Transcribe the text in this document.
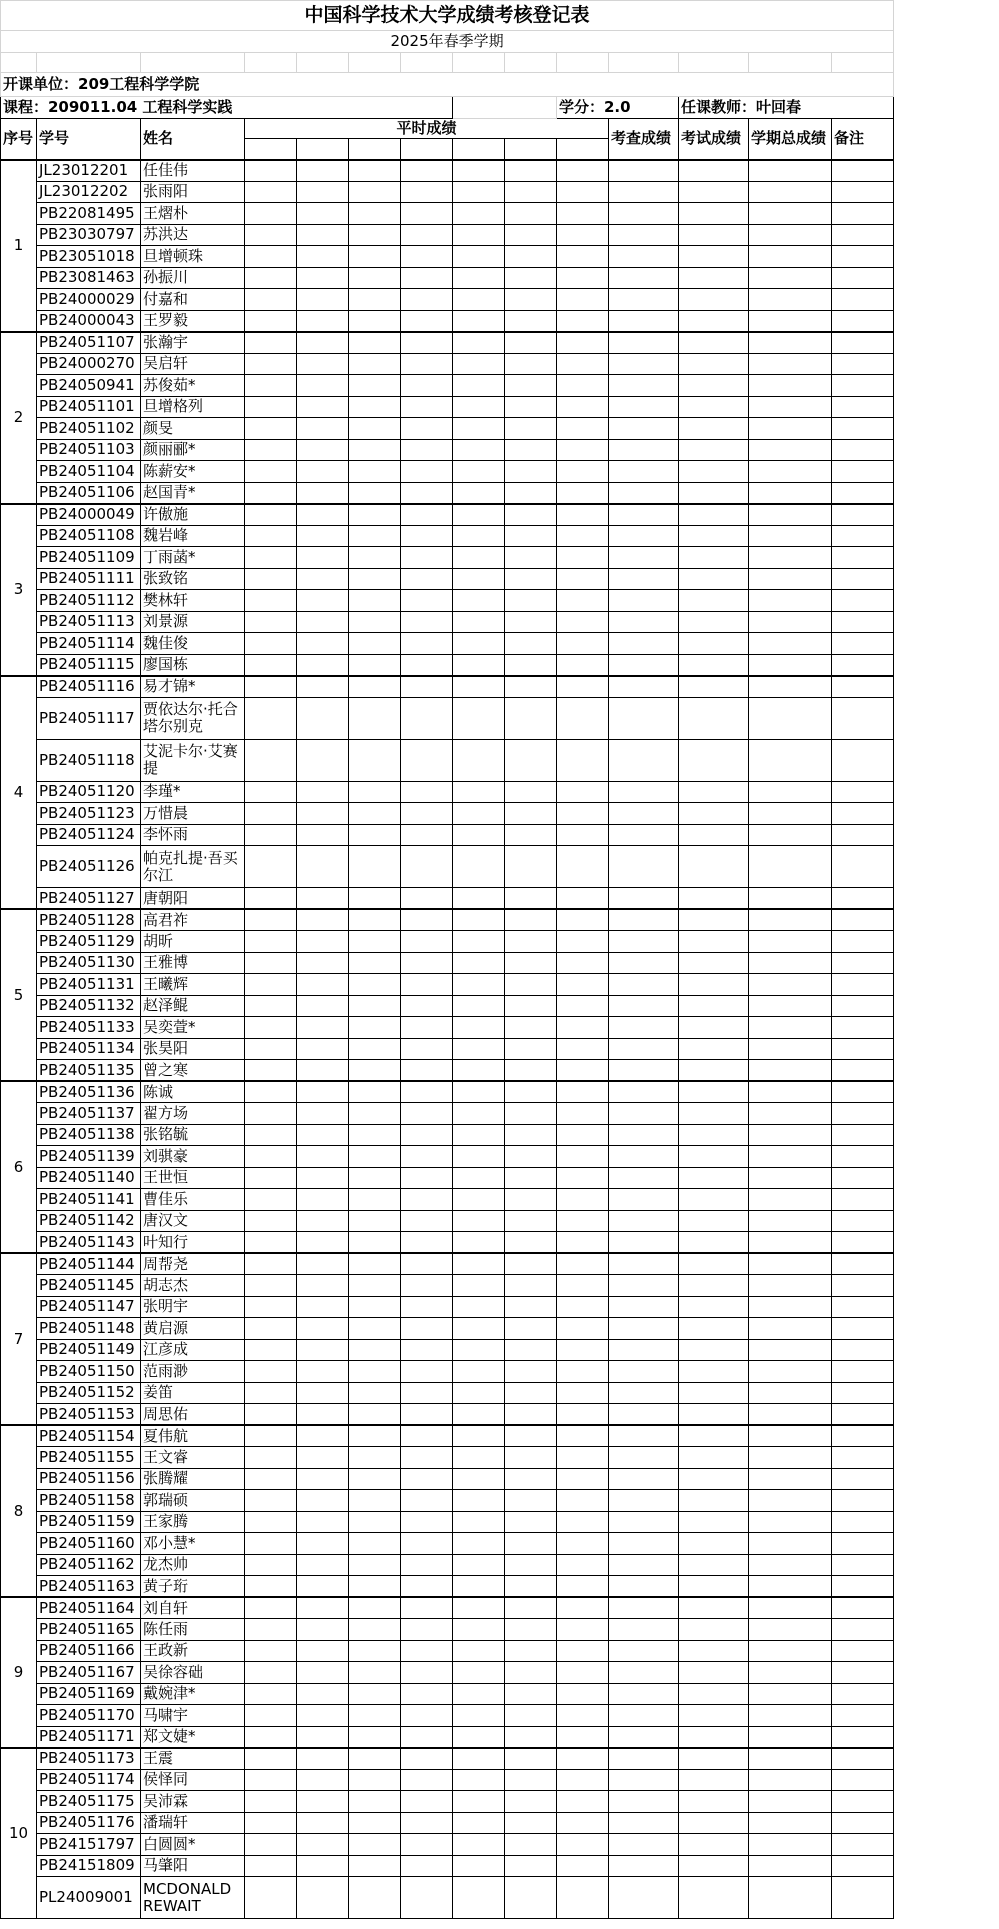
中国科学技术大学成绩考核登记表													
2025年春季学期													

开课单位：209工程科学学院													
课程：209011.04 工程科学实践									学分：2.0		任课教师：叶回春		
序号	学号	姓名	平时成绩							考查成绩	考试成绩	学期总成绩	备注

1	JL23012201	任佳伟											
	JL23012202	张雨阳											
	PB22081495	王熠朴											
	PB23030797	苏洪达											
	PB23051018	旦增顿珠											
	PB23081463	孙振川											
	PB24000029	付嘉和											
	PB24000043	王罗毅											
2	PB24051107	张瀚宇											
	PB24000270	吴启轩											
	PB24050941	苏俊茹*											
	PB24051101	旦增格列											
	PB24051102	颜旻											
	PB24051103	颜丽郦*											
	PB24051104	陈薪安*											
	PB24051106	赵国青*											
3	PB24000049	许傲施											
	PB24051108	魏岩峰											
	PB24051109	丁雨菡*											
	PB24051111	张致铭											
	PB24051112	樊林轩											
	PB24051113	刘景源											
	PB24051114	魏佳俊											
	PB24051115	廖国栋											
4	PB24051116	易才锦*											
	PB24051117	贾依达尔·托合塔尔别克											
	PB24051118	艾泥卡尔·艾赛提											
	PB24051120	李瑾*											
	PB24051123	万惜晨											
	PB24051124	李怀雨											
	PB24051126	帕克扎提·吾买尔江											
	PB24051127	唐朝阳											
5	PB24051128	高君祚											
	PB24051129	胡昕											
	PB24051130	王雅博											
	PB24051131	王曦辉											
	PB24051132	赵泽鲲											
	PB24051133	吴奕萱*											
	PB24051134	张昊阳											
	PB24051135	曾之寒											
6	PB24051136	陈诚											
	PB24051137	翟方场											
	PB24051138	张铭毓											
	PB24051139	刘骐豪											
	PB24051140	王世恒											
	PB24051141	曹佳乐											
	PB24051142	唐汉文											
	PB24051143	叶知行											
7	PB24051144	周帮尧											
	PB24051145	胡志杰											
	PB24051147	张明宇											
	PB24051148	黄启源											
	PB24051149	江彦成											
	PB24051150	范雨渺											
	PB24051152	姜笛											
	PB24051153	周思佑											
8	PB24051154	夏伟航											
	PB24051155	王文睿											
	PB24051156	张腾耀											
	PB24051158	郭瑞硕											
	PB24051159	王家腾											
	PB24051160	邓小慧*											
	PB24051162	龙杰帅											
	PB24051163	黄子珩											
9	PB24051164	刘自轩											
	PB24051165	陈任雨											
	PB24051166	王政新											
	PB24051167	吴徐容础											
	PB24051169	戴婉津*											
	PB24051170	马啸宇											
	PB24051171	郑文婕*											
10	PB24051173	王震											
	PB24051174	侯怿同											
	PB24051175	吴沛霖											
	PB24051176	潘瑞轩											
	PB24151797	白圆圆*											
	PB24151809	马肇阳											
	PL24009001	MCDONALD REWAIT											
